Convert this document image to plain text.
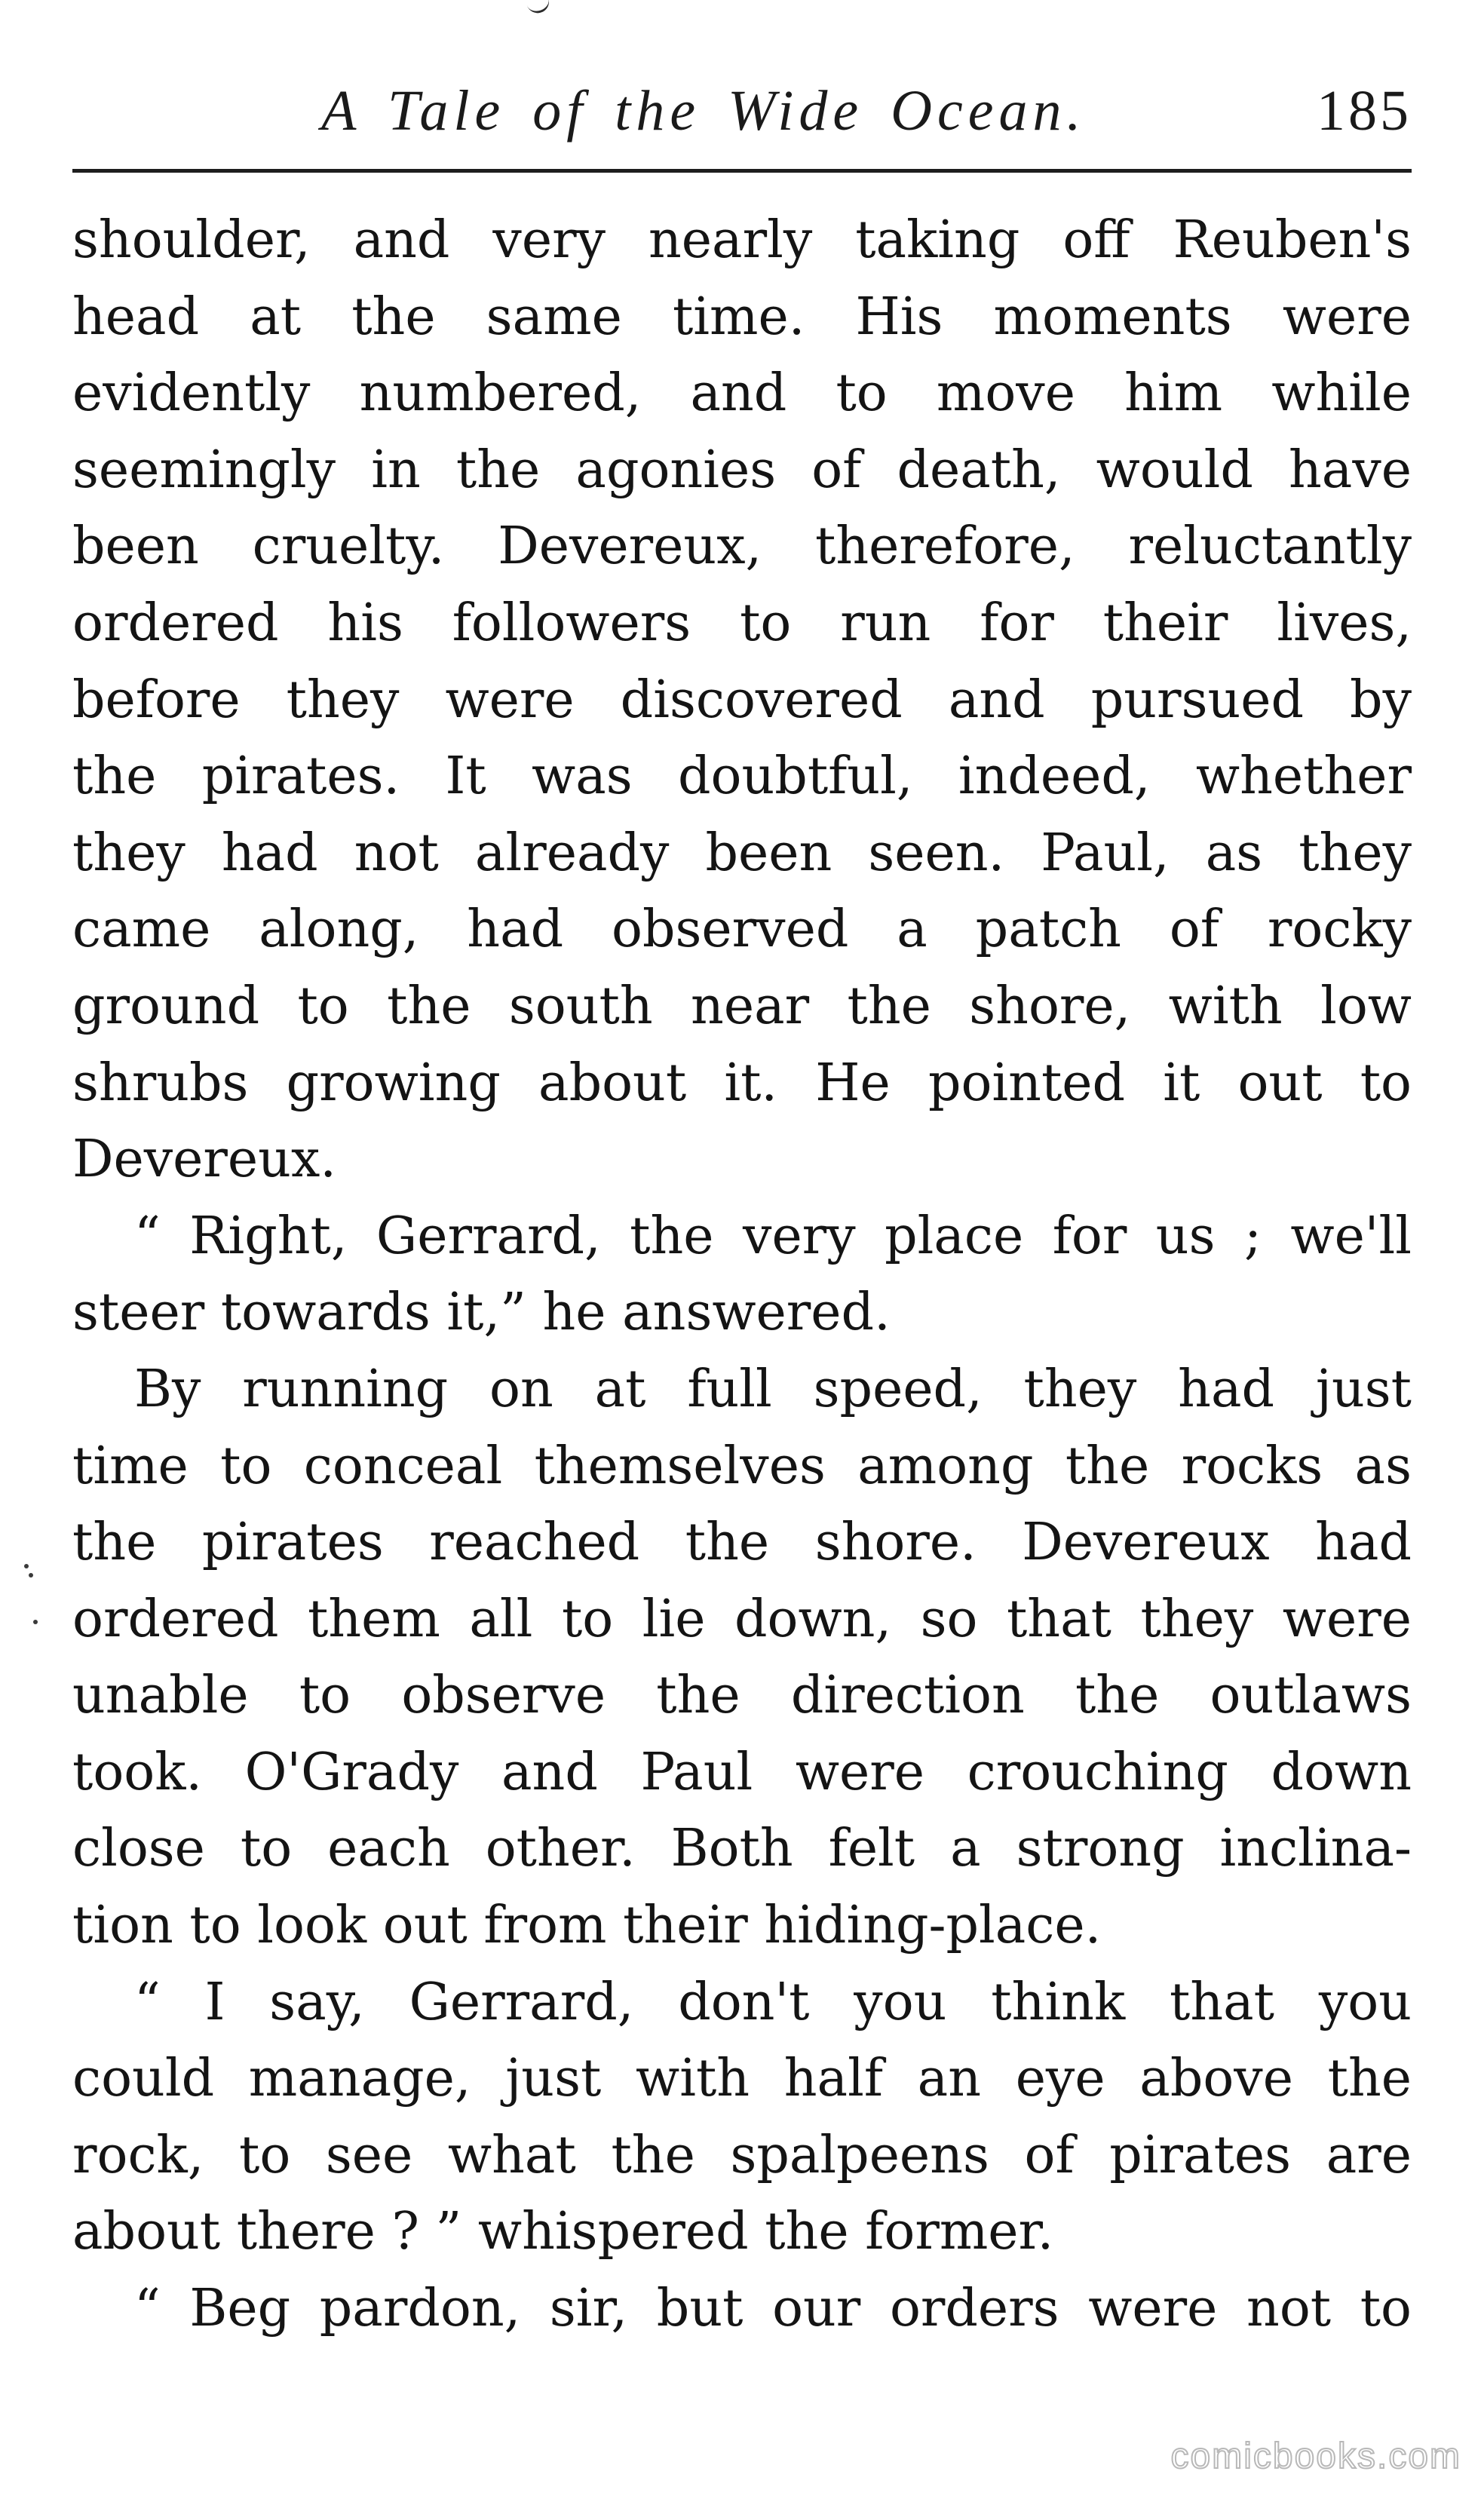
A Tale of the Wide Ocean.	185
shoulder, and very nearly taking off Reuben's
head at the same time. His moments were
evidently numbered, and to move him while
seemingly in the agonies of death, would have
been cruelty. Devereux, therefore, reluctantly
ordered his followers to run for their lives,
before they were discovered and pursued by
the pirates. It was doubtful, indeed, whether
they had not already been seen. Paul, as they
came along, had observed a patch of rocky
ground to the south near the shore, with low
shrubs growing about it. He pointed it out to
Devereux.
“ Right, Gerrard, the very place for us ; we'll
steer towards it,” he answered.
By running on at full speed, they had just
time to conceal themselves among the rocks as
the pirates reached the shore. Devereux had
ordered them all to lie down, so that they were
unable to observe the direction the outlaws
took. O'Grady and Paul were crouching down
close to each other. Both felt a strong inclina-
tion to look out from their hiding-place.
“ I say, Gerrard, don't you think that you
could manage, just with half an eye above the
rock, to see what the spalpeens of pirates are
about there ? ” whispered the former.
“ Beg pardon, sir, but our orders were not to
comicbooks.com
